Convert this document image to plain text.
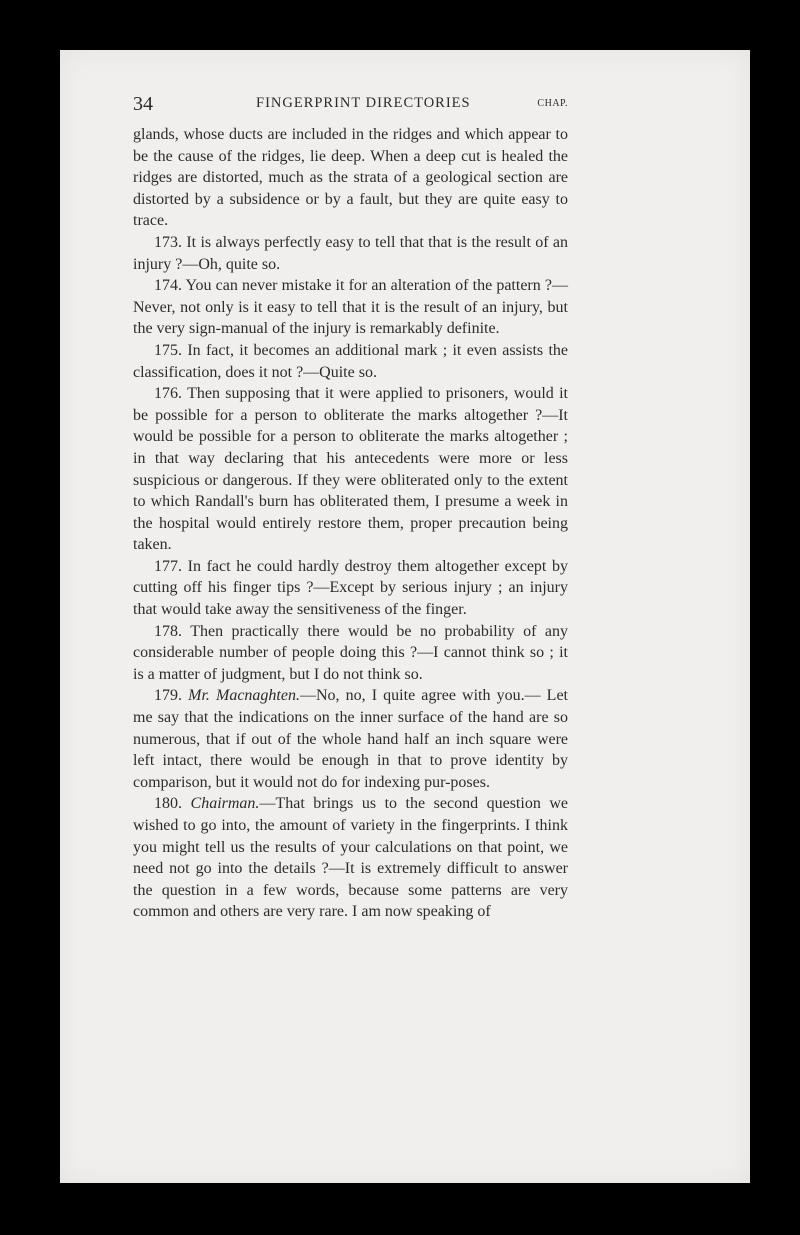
34	FINGERPRINT DIRECTORIES	CHAP.

glands, whose ducts are included in the ridges and which appear to be the cause of the ridges, lie deep. When a deep cut is healed the ridges are distorted, much as the strata of a geological section are distorted by a subsidence or by a fault, but they are quite easy to trace.

173. It is always perfectly easy to tell that that is the result of an injury ?—Oh, quite so.

174. You can never mistake it for an alteration of the pattern ?—Never, not only is it easy to tell that it is the result of an injury, but the very sign-manual of the injury is remarkably definite.

175. In fact, it becomes an additional mark ; it even assists the classification, does it not ?—Quite so.

176. Then supposing that it were applied to prisoners, would it be possible for a person to obliterate the marks altogether ?—It would be possible for a person to obliterate the marks altogether ; in that way declaring that his antecedents were more or less suspicious or dangerous. If they were obliterated only to the extent to which Randall's burn has obliterated them, I presume a week in the hospital would entirely restore them, proper precaution being taken.

177. In fact he could hardly destroy them altogether except by cutting off his finger tips ?—Except by serious injury ; an injury that would take away the sensitiveness of the finger.

178. Then practically there would be no probability of any considerable number of people doing this ?—I cannot think so ; it is a matter of judgment, but I do not think so.

179. Mr. Macnaghten.—No, no, I quite agree with you.— Let me say that the indications on the inner surface of the hand are so numerous, that if out of the whole hand half an inch square were left intact, there would be enough in that to prove identity by comparison, but it would not do for indexing pur-poses.

180. Chairman.—That brings us to the second question we wished to go into, the amount of variety in the fingerprints. I think you might tell us the results of your calculations on that point, we need not go into the details ?—It is extremely difficult to answer the question in a few words, because some patterns are very common and others are very rare. I am now speaking of
